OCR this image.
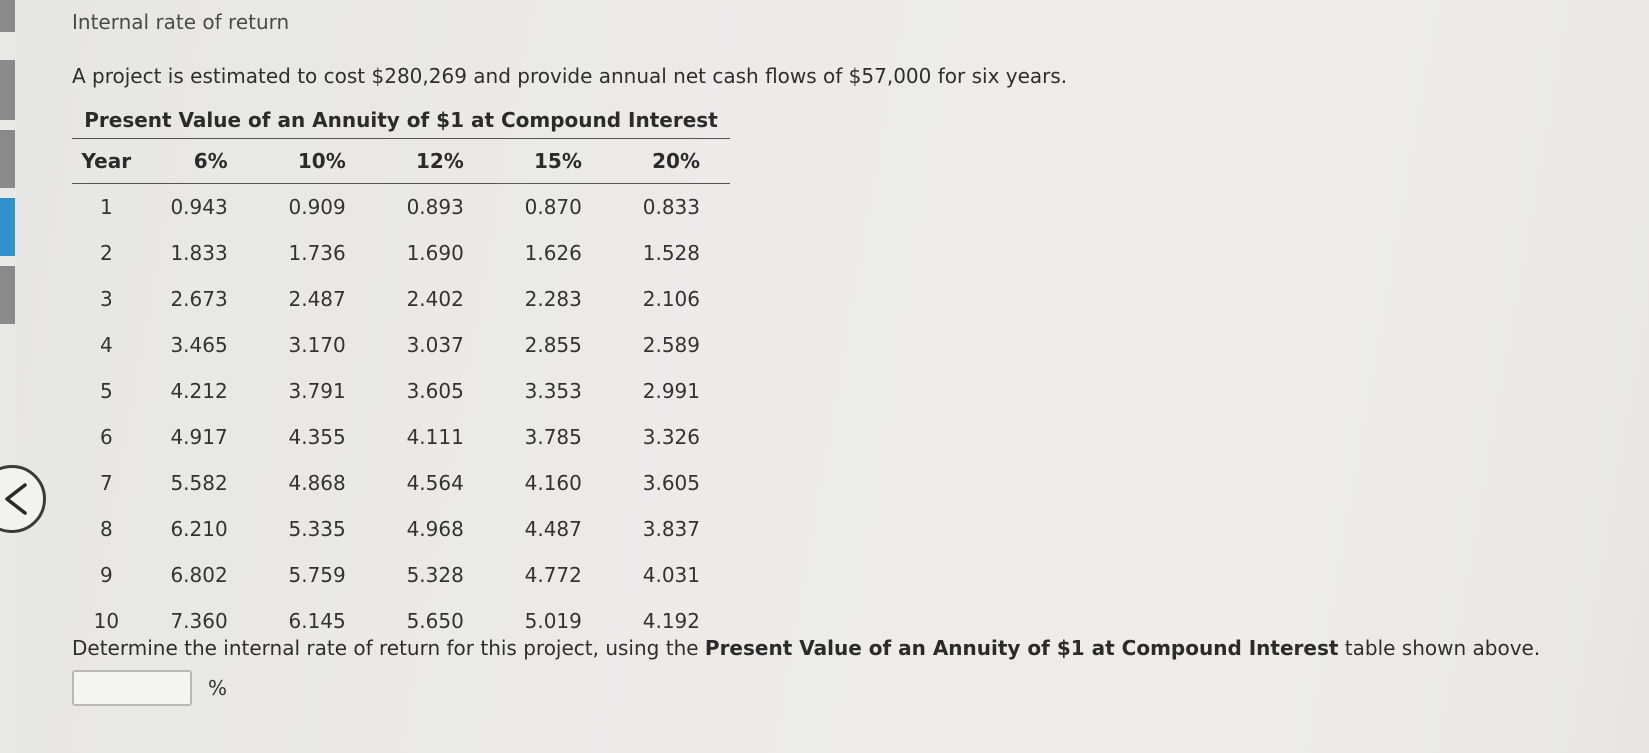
Internal rate of return
A project is estimated to cost $280,269 and provide annual net cash flows of $57,000 for six years.
Present Value of an Annuity of $1 at Compound Interest
Year	6%	10%	12%	15%	20%
1	0.943	0.909	0.893	0.870	0.833
2	1.833	1.736	1.690	1.626	1.528
3	2.673	2.487	2.402	2.283	2.106
4	3.465	3.170	3.037	2.855	2.589
5	4.212	3.791	3.605	3.353	2.991
6	4.917	4.355	4.111	3.785	3.326
7	5.582	4.868	4.564	4.160	3.605
8	6.210	5.335	4.968	4.487	3.837
9	6.802	5.759	5.328	4.772	4.031
10	7.360	6.145	5.650	5.019	4.192
Determine the internal rate of return for this project, using the Present Value of an Annuity of $1 at Compound Interest table shown above.
%
